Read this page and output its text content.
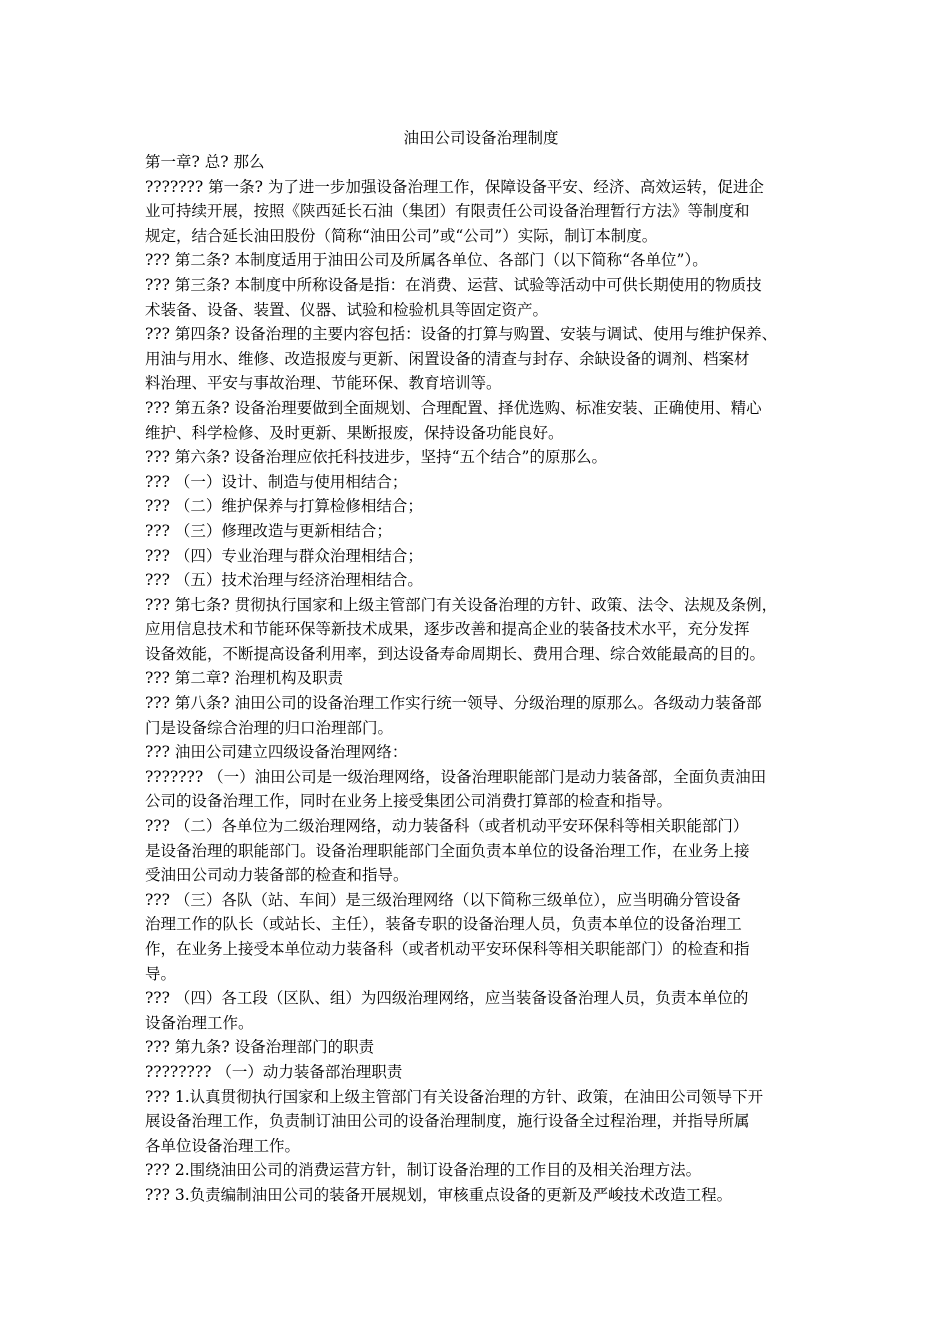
油田公司设备治理制度

第一章? 总? 那么

??????? 第一条? 为了进一步加强设备治理工作，保障设备平安、经济、高效运转，促进企

业可持续开展，按照《陕西延长石油（集团）有限责任公司设备治理暂行方法》等制度和

规定，结合延长油田股份（简称“油田公司”或“公司”）实际，制订本制度。

??? 第二条? 本制度适用于油田公司及所属各单位、各部门（以下简称“各单位”）。

??? 第三条? 本制度中所称设备是指：在消费、运营、试验等活动中可供长期使用的物质技

术装备、设备、装置、仪器、试验和检验机具等固定资产。

??? 第四条? 设备治理的主要内容包括：设备的打算与购置、安装与调试、使用与维护保养、

用油与用水、维修、改造报废与更新、闲置设备的清查与封存、余缺设备的调剂、档案材

料治理、平安与事故治理、节能环保、教育培训等。

??? 第五条? 设备治理要做到全面规划、合理配置、择优选购、标准安装、正确使用、精心

维护、科学检修、及时更新、果断报废，保持设备功能良好。

??? 第六条? 设备治理应依托科技进步，坚持“五个结合”的原那么。

??? （一）设计、制造与使用相结合；

??? （二）维护保养与打算检修相结合；

??? （三）修理改造与更新相结合；

??? （四）专业治理与群众治理相结合；

??? （五）技术治理与经济治理相结合。

??? 第七条? 贯彻执行国家和上级主管部门有关设备治理的方针、政策、法令、法规及条例，

应用信息技术和节能环保等新技术成果，逐步改善和提高企业的装备技术水平，充分发挥

设备效能，不断提高设备利用率，到达设备寿命周期长、费用合理、综合效能最高的目的。

??? 第二章? 治理机构及职责

??? 第八条? 油田公司的设备治理工作实行统一领导、分级治理的原那么。各级动力装备部

门是设备综合治理的归口治理部门。

??? 油田公司建立四级设备治理网络：

??????? （一）油田公司是一级治理网络，设备治理职能部门是动力装备部，全面负责油田

公司的设备治理工作，同时在业务上接受集团公司消费打算部的检查和指导。

??? （二）各单位为二级治理网络，动力装备科（或者机动平安环保科等相关职能部门）

是设备治理的职能部门。设备治理职能部门全面负责本单位的设备治理工作，在业务上接

受油田公司动力装备部的检查和指导。

??? （三）各队（站、车间）是三级治理网络（以下简称三级单位），应当明确分管设备

治理工作的队长（或站长、主任），装备专职的设备治理人员，负责本单位的设备治理工

作，在业务上接受本单位动力装备科（或者机动平安环保科等相关职能部门）的检查和指

导。

??? （四）各工段（区队、组）为四级治理网络，应当装备设备治理人员，负责本单位的

设备治理工作。

??? 第九条? 设备治理部门的职责

???????? （一）动力装备部治理职责

??? 1.认真贯彻执行国家和上级主管部门有关设备治理的方针、政策，在油田公司领导下开

展设备治理工作，负责制订油田公司的设备治理制度，施行设备全过程治理，并指导所属

各单位设备治理工作。

??? 2.围绕油田公司的消费运营方针，制订设备治理的工作目的及相关治理方法。

??? 3.负责编制油田公司的装备开展规划，审核重点设备的更新及严峻技术改造工程。
